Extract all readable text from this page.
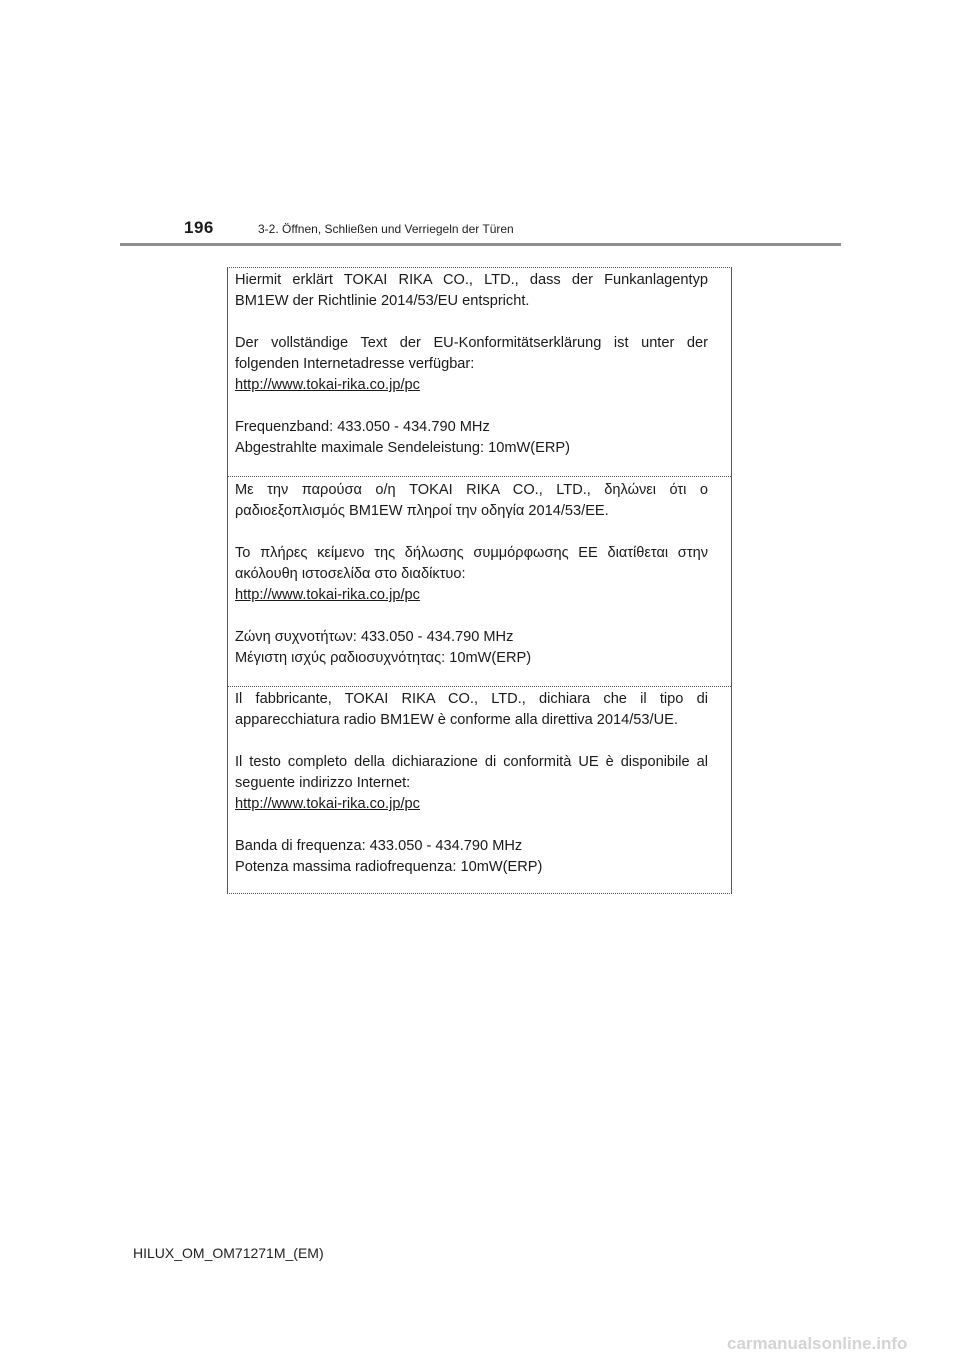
196	3-2. Öffnen, Schließen und Verriegeln der Türen

Hiermit erklärt TOKAI RIKA CO., LTD., dass der Funkanlagentyp BM1EW der Richtlinie 2014/53/EU entspricht.

Der vollständige Text der EU-Konformitätserklärung ist unter der folgenden Internetadresse verfügbar:

http://www.tokai-rika.co.jp/pc

Frequenzband: 433.050 - 434.790 MHz

Abgestrahlte maximale Sendeleistung: 10mW(ERP)

Με την παρούσα ο/η TOKAI RIKA CO., LTD., δηλώνει ότι ο ραδιοεξοπλισμός BM1EW πληροί την οδηγία 2014/53/ΕΕ.

Το πλήρες κείμενο της δήλωσης συμμόρφωσης ΕΕ διατίθεται στην ακόλουθη ιστοσελίδα στο διαδίκτυο:

http://www.tokai-rika.co.jp/pc

Ζώνη συχνοτήτων: 433.050 - 434.790 MHz

Μέγιστη ισχύς ραδιοσυχνότητας: 10mW(ERP)

Il fabbricante, TOKAI RIKA CO., LTD., dichiara che il tipo di apparecchiatura radio BM1EW è conforme alla direttiva 2014/53/UE.

Il testo completo della dichiarazione di conformità UE è disponibile al seguente indirizzo Internet:

http://www.tokai-rika.co.jp/pc

Banda di frequenza: 433.050 - 434.790 MHz

Potenza massima radiofrequenza: 10mW(ERP)

HILUX_OM_OM71271M_(EM)
carmanualsonline.info
